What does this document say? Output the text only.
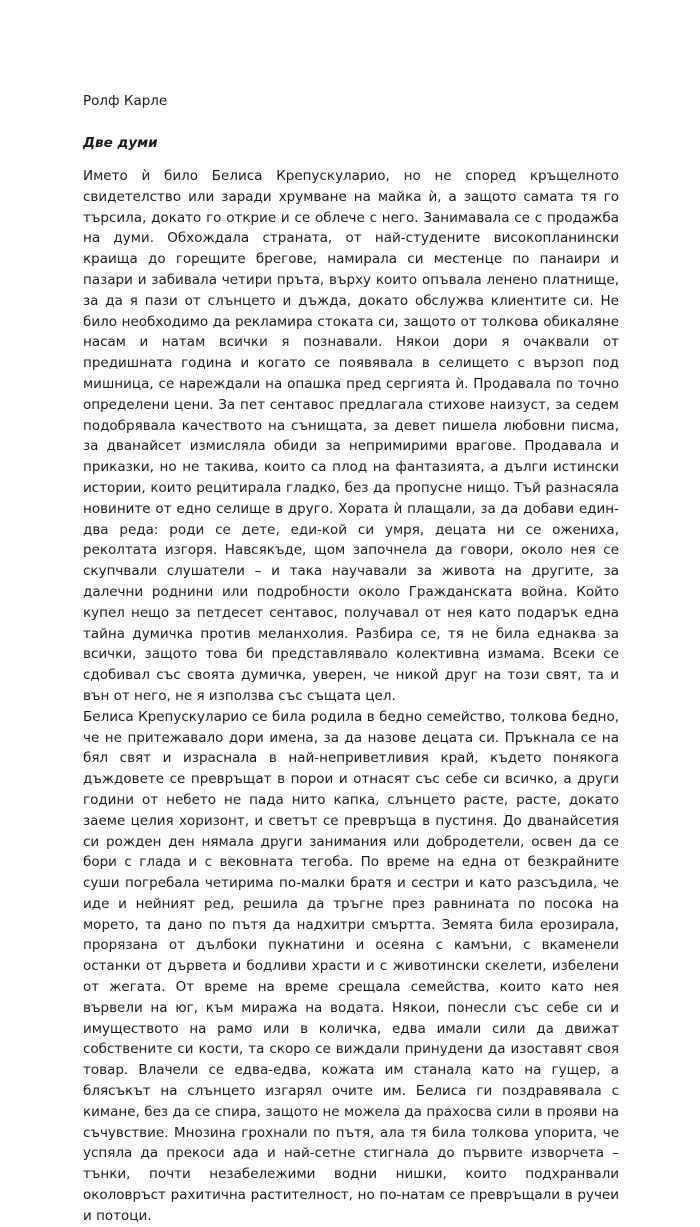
Ролф Карле

Две думи

Името ѝ било Белиса Крепускуларио, но не според кръщелното свидетелство или заради хрумване на майка ѝ, а защото самата тя го търсила, докато го открие и се облече с него. Занимавала се с продажба на думи. Обхождала страната, от най-студените високопланински краища до горещите брегове, намирала си местенце по панаири и пазари и забивала четири пръта, върху които опъвала ленено платнище, за да я пази от слънцето и дъжда, докато обслужва клиентите си. Не било необходимо да рекламира стоката си, защото от толкова обикаляне насам и натам всички я познавали. Някои дори я очаквали от предишната година и когато се появявала в селището с вързоп под мишница, се нареждали на опашка пред сергията ѝ. Продавала по точно определени цени. За пет сентавос предлагала стихове наизуст, за седем подобрявала качеството на сънищата, за девет пишела любовни писма, за дванайсет измисляла обиди за непримирими врагове. Продавала и приказки, но не такива, които са плод на фантазията, а дълги истински истории, които рецитирала гладко, без да пропусне нищо. Тъй разнасяла новините от едно селище в друго. Хората ѝ плащали, за да добави един-два реда: роди се дете, еди-кой си умря, децата ни се ожениха, реколтата изгоря. Навсякъде, щом започнела да говори, около нея се скупчвали слушатели – и така научавали за живота на другите, за далечни роднини или подробности около Гражданската война. Който купел нещо за петдесет сентавос, получавал от нея като подарък една тайна думичка против меланхолия. Разбира се, тя не била еднаква за всички, защото това би представлявало колективна измама. Всеки се сдобивал със своята думичка, уверен, че никой друг на този свят, та и вън от него, не я използва със същата цел.

Белиса Крепускуларио се била родила в бедно семейство, толкова бедно, че не притежавало дори имена, за да назове децата си. Пръкнала се на бял свят и израснала в най-непривeтливия край, където понякога дъждовете се превръщат в порои и отнасят със себе си всичко, а други години от небето не пада нито капка, слънцето расте, расте, докато заеме целия хоризонт, и светът се превръща в пустиня. До дванайсетия си рожден ден нямала други занимания или добродетели, освен да се бори с глада и с вековната тегоба. По време на една от безкрайните суши погребала четирима по-малки братя и сестри и като разсъдила, че иде и нейният ред, решила да тръгне през равнината по посока на морето, та дано по пътя да надхитри смъртта. Земята била ерозирала, прорязана от дълбоки пукнатини и осеяна с камъни, с вкаменели останки от дървета и бодливи храсти и с животински скелети, избелени от жегата. От време на време срещала семейства, които като нея вървели на юг, към миража на водата. Някои, понесли със себе си и имуществото на рамо или в количка, едва имали сили да движат собствените си кости, та скоро се виждали принудени да изоставят своя товар. Влачели се едва-едва, кожата им станала като на гущер, а блясъкът на слънцето изгарял очите им. Белиса ги поздравявала с кимане, без да се спира, защото не можела да прахосва сили в прояви на съчувствие. Мнозина грохнали по пътя, ала тя била толкова упорита, че успяла да прекоси ада и най-сетне стигнала до първите изворчета – тънки, почти незабележими водни нишки, които подхранвали околовръст рахитична растителност, но по-натам се превръщали в ручеи и потоци.
